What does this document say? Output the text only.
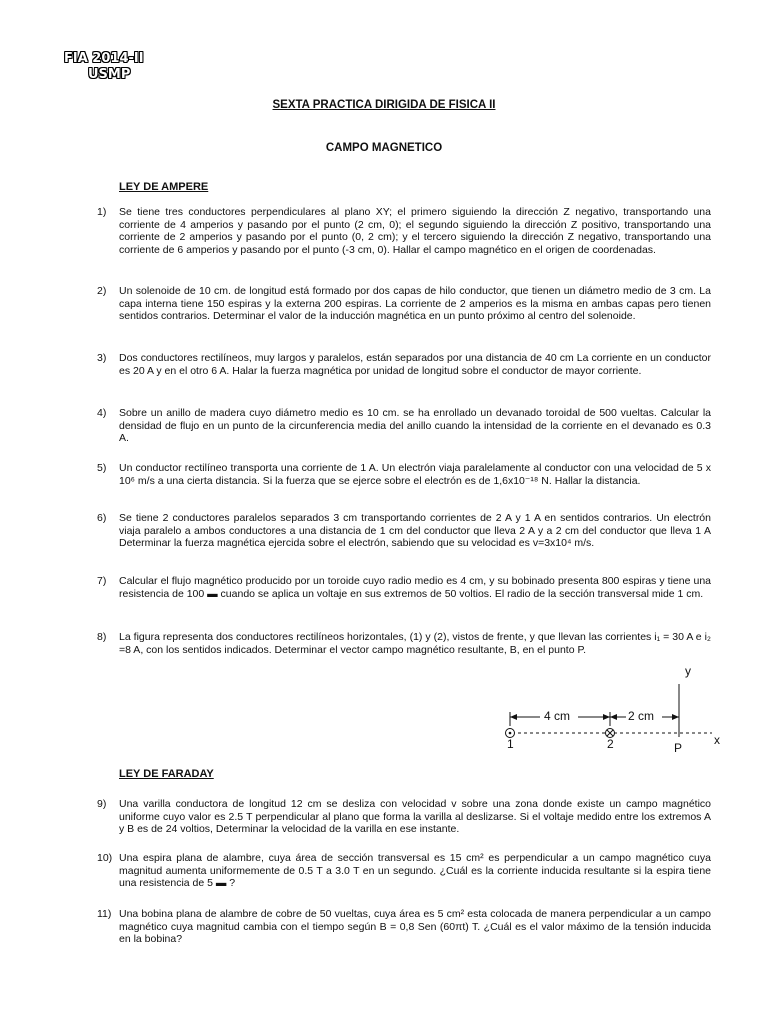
FIA 2014-II
USMP
SEXTA PRACTICA DIRIGIDA DE FISICA II
CAMPO MAGNETICO
LEY DE AMPERE
1) Se tiene tres conductores perpendiculares al plano XY; el primero siguiendo la dirección Z negativo, transportando una corriente de 4 amperios y pasando por el punto (2 cm, 0); el segundo siguiendo la dirección Z positivo, transportando una corriente de 2 amperios y pasando por el punto (0, 2 cm); y el tercero siguiendo la dirección Z negativo, transportando una corriente de 6 amperios y pasando por el punto (-3 cm, 0). Hallar el campo magnético en el origen de coordenadas.
2) Un solenoide de 10 cm. de longitud está formado por dos capas de hilo conductor, que tienen un diámetro medio de 3 cm. La capa interna tiene 150 espiras y la externa 200 espiras. La corriente de 2 amperios es la misma en ambas capas pero tienen sentidos contrarios. Determinar el valor de la inducción magnética en un punto próximo al centro del solenoide.
3) Dos conductores rectilíneos, muy largos y paralelos, están separados por una distancia de 40 cm La corriente en un conductor es 20 A y en el otro 6 A. Halar la fuerza magnética por unidad de longitud sobre el conductor de mayor corriente.
4) Sobre un anillo de madera cuyo diámetro medio es 10 cm. se ha enrollado un devanado toroidal de 500 vueltas. Calcular la densidad de flujo en un punto de la circunferencia media del anillo cuando la intensidad de la corriente en el devanado es 0.3 A.
5) Un conductor rectilíneo transporta una corriente de 1 A. Un electrón viaja paralelamente al conductor con una velocidad de 5 x 10⁶ m/s a una cierta distancia. Si la fuerza que se ejerce sobre el electrón es de 1,6x10⁻¹⁸ N. Hallar la distancia.
6) Se tiene 2 conductores paralelos separados 3 cm transportando corrientes de 2 A y 1 A en sentidos contrarios. Un electrón viaja paralelo a ambos conductores a una distancia de 1 cm del conductor que lleva 2 A y a 2 cm del conductor que lleva 1 A Determinar la fuerza magnética ejercida sobre el electrón, sabiendo que su velocidad es v=3x10⁴ m/s.
7) Calcular el flujo magnético producido por un toroide cuyo radio medio es 4 cm, y su bobinado presenta 800 espiras y tiene una resistencia de 100 ▬ cuando se aplica un voltaje en sus extremos de 50 voltios. El radio de la sección transversal mide 1 cm.
8) La figura representa dos conductores rectilíneos horizontales, (1) y (2), vistos de frente, y que llevan las corrientes i₁ = 30 A e i₂ =8 A, con los sentidos indicados. Determinar el vector campo magnético resultante, B, en el punto P.
y
x
4 cm	2 cm
1	2	P
LEY DE FARADAY
9) Una varilla conductora de longitud 12 cm se desliza con velocidad v sobre una zona donde existe un campo magnético uniforme cuyo valor es 2.5 T perpendicular al plano que forma la varilla al deslizarse. Si el voltaje medido entre los extremos A y B es de 24 voltios, Determinar la velocidad de la varilla en ese instante.
10) Una espira plana de alambre, cuya área de sección transversal es 15 cm² es perpendicular a un campo magnético cuya magnitud aumenta uniformemente de 0.5 T a 3.0 T en un segundo. ¿Cuál es la corriente inducida resultante si la espira tiene una resistencia de 5 ▬ ?
11) Una bobina plana de alambre de cobre de 50 vueltas, cuya área es 5 cm² esta colocada de manera perpendicular a un campo magnético cuya magnitud cambia con el tiempo según B = 0,8 Sen (60πt) T. ¿Cuál es el valor máximo de la tensión inducida en la bobina?
